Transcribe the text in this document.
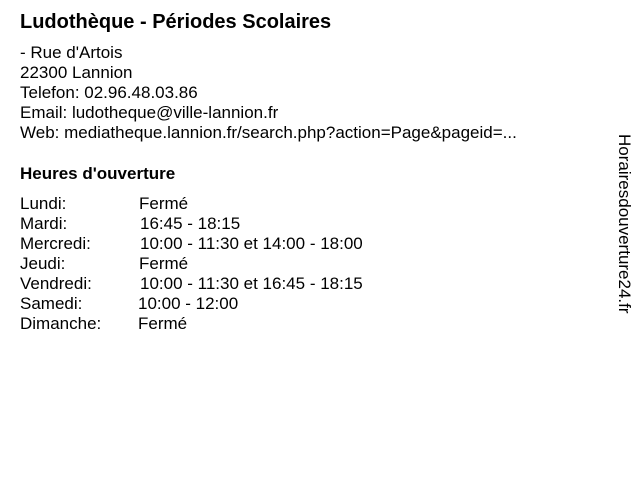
Ludothèque - Périodes Scolaires
- Rue d'Artois
22300 Lannion
Telefon: 02.96.48.03.86
Email: ludotheque@ville-lannion.fr
Web: mediatheque.lannion.fr/search.php?action=Page&pageid=...
Heures d'ouverture
Lundi:	Fermé
Mardi:	16:45 - 18:15
Mercredi:	10:00 - 11:30 et 14:00 - 18:00
Jeudi:	Fermé
Vendredi:	10:00 - 11:30 et 16:45 - 18:15
Samedi:	10:00 - 12:00
Dimanche: Fermé
Horairesdouverture24.fr
